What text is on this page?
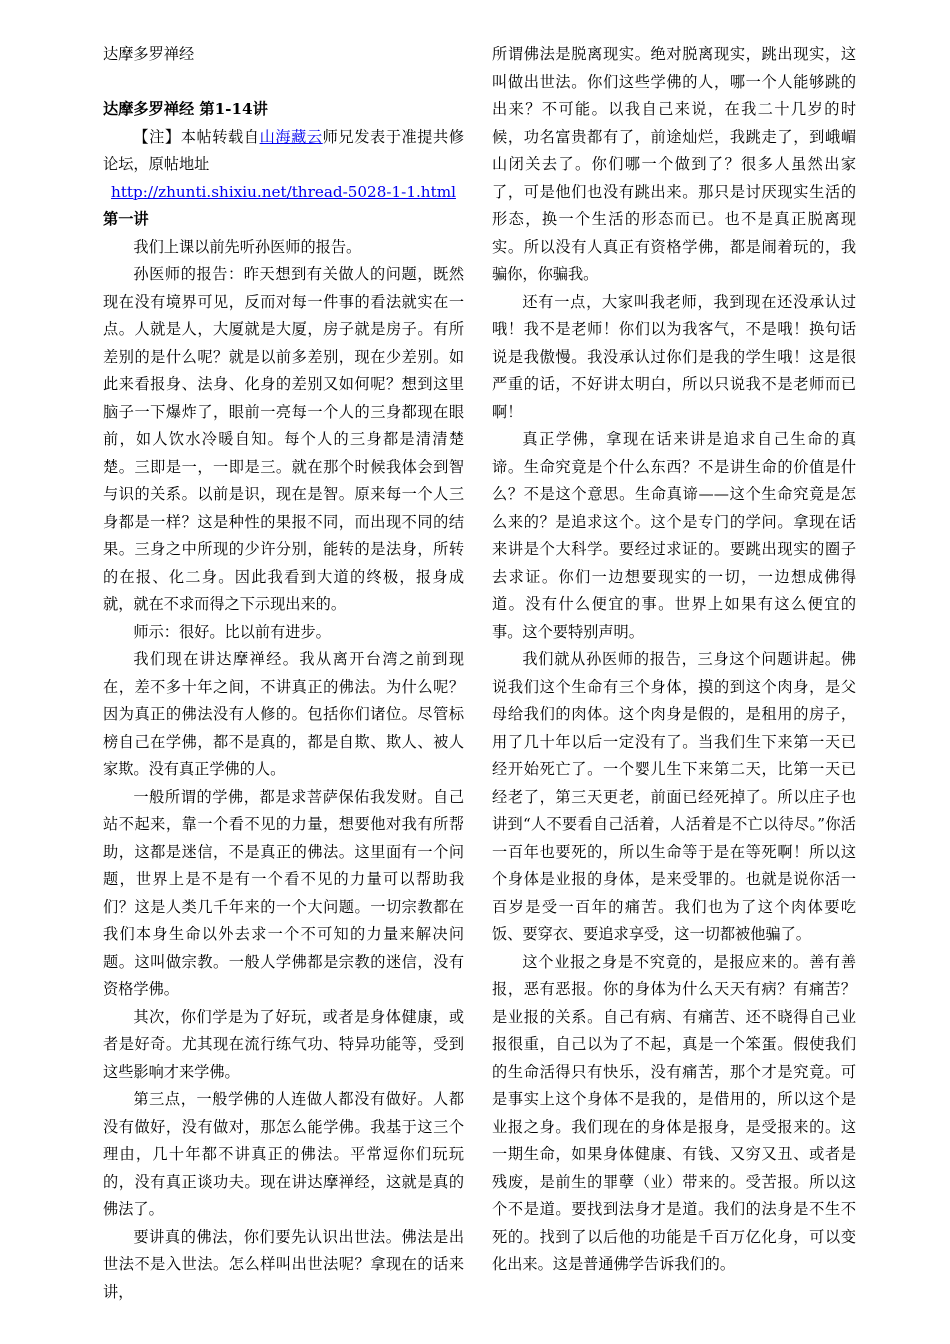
达摩多罗禅经
达摩多罗禅经 第1-14讲

【注】本帖转载自山海藏云师兄发表于准提共修论坛，原帖地址

http://zhunti.shixiu.net/thread-5028-1-1.html
第一讲

我们上课以前先听孙医师的报告。

孙医师的报告：昨天想到有关做人的问题，既然现在没有境界可见，反而对每一件事的看法就实在一点。人就是人，大厦就是大厦，房子就是房子。有所差别的是什么呢？就是以前多差别，现在少差别。如此来看报身、法身、化身的差别又如何呢？想到这里脑子一下爆炸了，眼前一亮每一个人的三身都现在眼前，如人饮水冷暖自知。每个人的三身都是清清楚楚。三即是一，一即是三。就在那个时候我体会到智与识的关系。以前是识，现在是智。原来每一个人三身都是一样？这是种性的果报不同，而出现不同的结果。三身之中所现的少许分别，能转的是法身，所转的在报、化二身。因此我看到大道的终极，报身成就，就在不求而得之下示现出来的。

师示：很好。比以前有进步。

我们现在讲达摩禅经。我从离开台湾之前到现在，差不多十年之间，不讲真正的佛法。为什么呢？因为真正的佛法没有人修的。包括你们诸位。尽管标榜自己在学佛，都不是真的，都是自欺、欺人、被人家欺。没有真正学佛的人。

一般所谓的学佛，都是求菩萨保佑我发财。自己站不起来，靠一个看不见的力量，想要他对我有所帮助，这都是迷信，不是真正的佛法。这里面有一个问题，世界上是不是有一个看不见的力量可以帮助我们？这是人类几千年来的一个大问题。一切宗教都在我们本身生命以外去求一个不可知的力量来解决问题。这叫做宗教。一般人学佛都是宗教的迷信，没有资格学佛。

其次，你们学是为了好玩，或者是身体健康，或者是好奇。尤其现在流行练气功、特异功能等，受到这些影响才来学佛。

第三点，一般学佛的人连做人都没有做好。人都没有做好，没有做对，那怎么能学佛。我基于这三个理由，几十年都不讲真正的佛法。平常逗你们玩玩的，没有真正谈功夫。现在讲达摩禅经，这就是真的佛法了。

要讲真的佛法，你们要先认识出世法。佛法是出世法不是入世法。怎么样叫出世法呢？拿现在的话来讲，

所谓佛法是脱离现实。绝对脱离现实，跳出现实，这叫做出世法。你们这些学佛的人，哪一个人能够跳的出来？不可能。以我自己来说，在我二十几岁的时候，功名富贵都有了，前途灿烂，我跳走了，到峨嵋山闭关去了。你们哪一个做到了？很多人虽然出家了，可是他们也没有跳出来。那只是讨厌现实生活的形态，换一个生活的形态而已。也不是真正脱离现实。所以没有人真正有资格学佛，都是闹着玩的，我骗你，你骗我。

还有一点，大家叫我老师，我到现在还没承认过哦！我不是老师！你们以为我客气，不是哦！换句话说是我傲慢。我没承认过你们是我的学生哦！这是很严重的话，不好讲太明白，所以只说我不是老师而已啊！

真正学佛，拿现在话来讲是追求自己生命的真谛。生命究竟是个什么东西？不是讲生命的价值是什么？不是这个意思。生命真谛——这个生命究竟是怎么来的？是追求这个。这个是专门的学问。拿现在话来讲是个大科学。要经过求证的。要跳出现实的圈子去求证。你们一边想要现实的一切，一边想成佛得道。没有什么便宜的事。世界上如果有这么便宜的事。这个要特别声明。

我们就从孙医师的报告，三身这个问题讲起。佛说我们这个生命有三个身体，摸的到这个肉身，是父母给我们的肉体。这个肉身是假的，是租用的房子，用了几十年以后一定没有了。当我们生下来第一天已经开始死亡了。一个婴儿生下来第二天，比第一天已经老了，第三天更老，前面已经死掉了。所以庄子也讲到“人不要看自己活着，人活着是不亡以待尽。”你活一百年也要死的，所以生命等于是在等死啊！所以这个身体是业报的身体，是来受罪的。也就是说你活一百岁是受一百年的痛苦。我们也为了这个肉体要吃饭、要穿衣、要追求享受，这一切都被他骗了。

这个业报之身是不究竟的，是报应来的。善有善报，恶有恶报。你的身体为什么天天有病？有痛苦？是业报的关系。自己有病、有痛苦、还不晓得自己业报很重，自己以为了不起，真是一个笨蛋。假使我们的生命活得只有快乐，没有痛苦，那个才是究竟。可是事实上这个身体不是我的，是借用的，所以这个是业报之身。我们现在的身体是报身，是受报来的。这一期生命，如果身体健康、有钱、又穷又丑、或者是残废，是前生的罪孽（业）带来的。受苦报。所以这个不是道。要找到法身才是道。我们的法身是不生不死的。找到了以后他的功能是千百万亿化身，可以变化出来。这是普通佛学告诉我们的。
